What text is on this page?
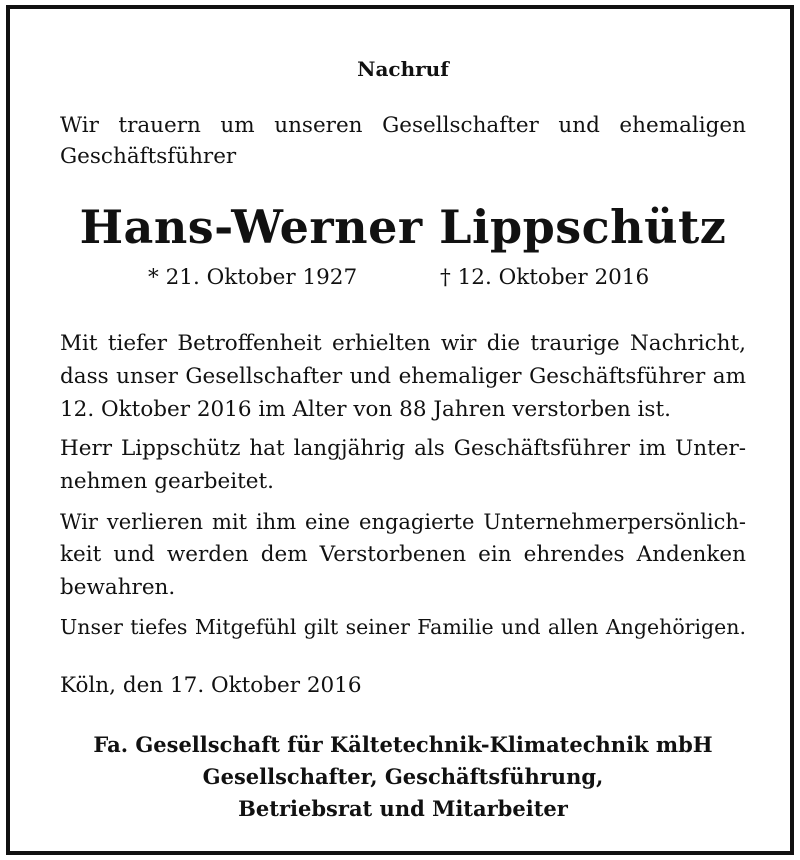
Nachruf
Wir trauern um unseren Gesellschafter und ehemaligen
Geschäftsführer
Hans-Werner Lippschütz
* 21. Oktober 1927	† 12. Oktober 2016
Mit tiefer Betroffenheit erhielten wir die traurige Nachricht,
dass unser Gesellschafter und ehemaliger Geschäftsführer am
12. Oktober 2016 im Alter von 88 Jahren verstorben ist.
Herr Lippschütz hat langjährig als Geschäftsführer im Unter-
nehmen gearbeitet.
Wir verlieren mit ihm eine engagierte Unternehmerpersönlich-
keit und werden dem Verstorbenen ein ehrendes Andenken
bewahren.
Unser tiefes Mitgefühl gilt seiner Familie und allen Angehörigen.
Köln, den 17. Oktober 2016
Fa. Gesellschaft für Kältetechnik-Klimatechnik mbH
Gesellschafter, Geschäftsführung,
Betriebsrat und Mitarbeiter
